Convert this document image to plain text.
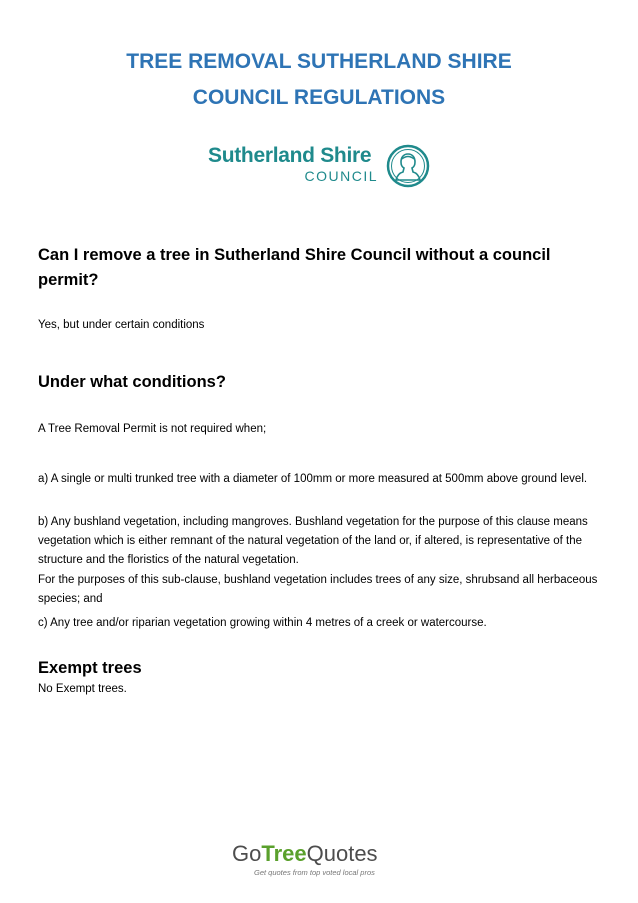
TREE REMOVAL SUTHERLAND SHIRE
COUNCIL REGULATIONS
Sutherland Shire
COUNCIL
Can I remove a tree in Sutherland Shire Council without a council permit?
Yes, but under certain conditions
Under what conditions?
A Tree Removal Permit is not required when;
a) A single or multi trunked tree with a diameter of 100mm or more measured at 500mm above ground level.
b) Any bushland vegetation, including mangroves. Bushland vegetation for the purpose of this clause means vegetation which is either remnant of the natural vegetation of the land or, if altered, is representative of the structure and the floristics of the natural vegetation.
For the purposes of this sub-clause, bushland vegetation includes trees of any size, shrubsand all herbaceous species; and
c) Any tree and/or riparian vegetation growing within 4 metres of a creek or watercourse.
Exempt trees
No Exempt trees.
GoTreeQuotes
Get quotes from top voted local pros
